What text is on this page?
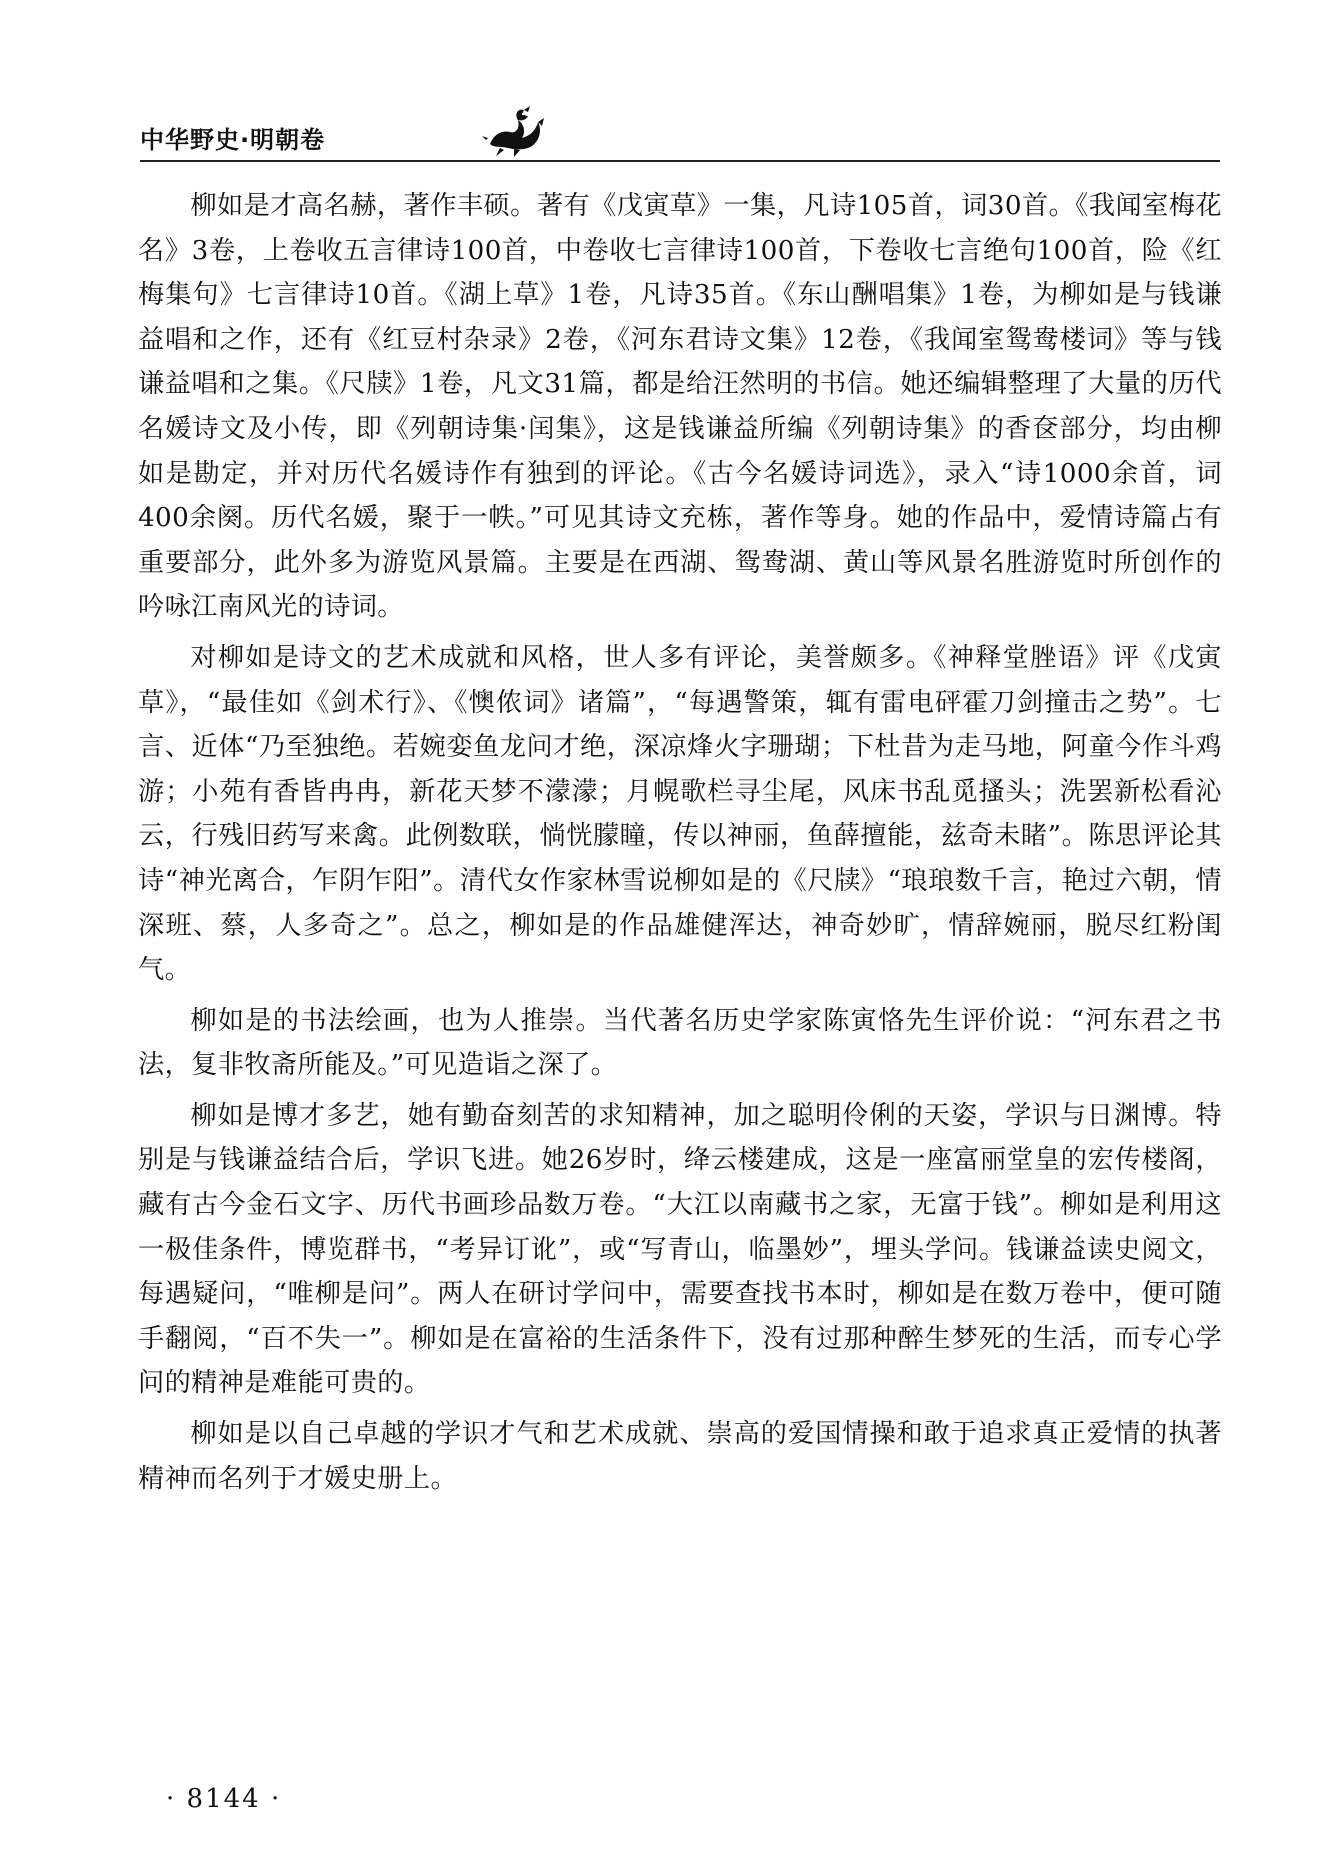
中华野史·明朝卷

柳如是才高名赫，著作丰硕。著有《戊寅草》一集，凡诗105首，词30首。《我闻室梅花名》3卷，上卷收五言律诗100首，中卷收七言律诗100首，下卷收七言绝句100首，险《红梅集句》七言律诗10首。《湖上草》1卷，凡诗35首。《东山酬唱集》1卷，为柳如是与钱谦益唱和之作，还有《红豆村杂录》2卷，《河东君诗文集》12卷，《我闻室鸳鸯楼词》等与钱谦益唱和之集。《尺牍》1卷，凡文31篇，都是给汪然明的书信。她还编辑整理了大量的历代名媛诗文及小传，即《列朝诗集·闰集》，这是钱谦益所编《列朝诗集》的香奁部分，均由柳如是勘定，并对历代名媛诗作有独到的评论。《古今名媛诗词选》，录入“诗1000余首，词400余阕。历代名媛，聚于一帙。”可见其诗文充栋，著作等身。她的作品中，爱情诗篇占有重要部分，此外多为游览风景篇。主要是在西湖、鸳鸯湖、黄山等风景名胜游览时所创作的吟咏江南风光的诗词。

对柳如是诗文的艺术成就和风格，世人多有评论，美誉颇多。《神释堂脞语》评《戊寅草》，“最佳如《剑术行》、《懊侬词》诸篇”，“每遇警策，辄有雷电砰霍刀剑撞击之势”。七言、近体“乃至独绝。若婉娈鱼龙问才绝，深凉烽火字珊瑚；下杜昔为走马地，阿童今作斗鸡游；小苑有香皆冉冉，新花天梦不濛濛；月幌歌栏寻尘尾，风床书乱觅搔头；洗罢新松看沁云，行残旧药写来禽。此例数联，惝恍朦瞳，传以神丽，鱼薛擅能，兹奇未睹”。陈思评论其诗“神光离合，乍阴乍阳”。清代女作家林雪说柳如是的《尺牍》“琅琅数千言，艳过六朝，情深班、蔡，人多奇之”。总之，柳如是的作品雄健浑达，神奇妙旷，情辞婉丽，脱尽红粉闺气。

柳如是的书法绘画，也为人推崇。当代著名历史学家陈寅恪先生评价说：“河东君之书法，复非牧斋所能及。”可见造诣之深了。

柳如是博才多艺，她有勤奋刻苦的求知精神，加之聪明伶俐的天姿，学识与日渊博。特别是与钱谦益结合后，学识飞进。她26岁时，绛云楼建成，这是一座富丽堂皇的宏传楼阁，藏有古今金石文字、历代书画珍品数万卷。“大江以南藏书之家，无富于钱”。柳如是利用这一极佳条件，博览群书，“考异订讹”，或“写青山，临墨妙”，埋头学问。钱谦益读史阅文，每遇疑问，“唯柳是问”。两人在研讨学问中，需要查找书本时，柳如是在数万卷中，便可随手翻阅，“百不失一”。柳如是在富裕的生活条件下，没有过那种醉生梦死的生活，而专心学问的精神是难能可贵的。

柳如是以自己卓越的学识才气和艺术成就、崇高的爱国情操和敢于追求真正爱情的执著精神而名列于才媛史册上。

· 8144 ·
